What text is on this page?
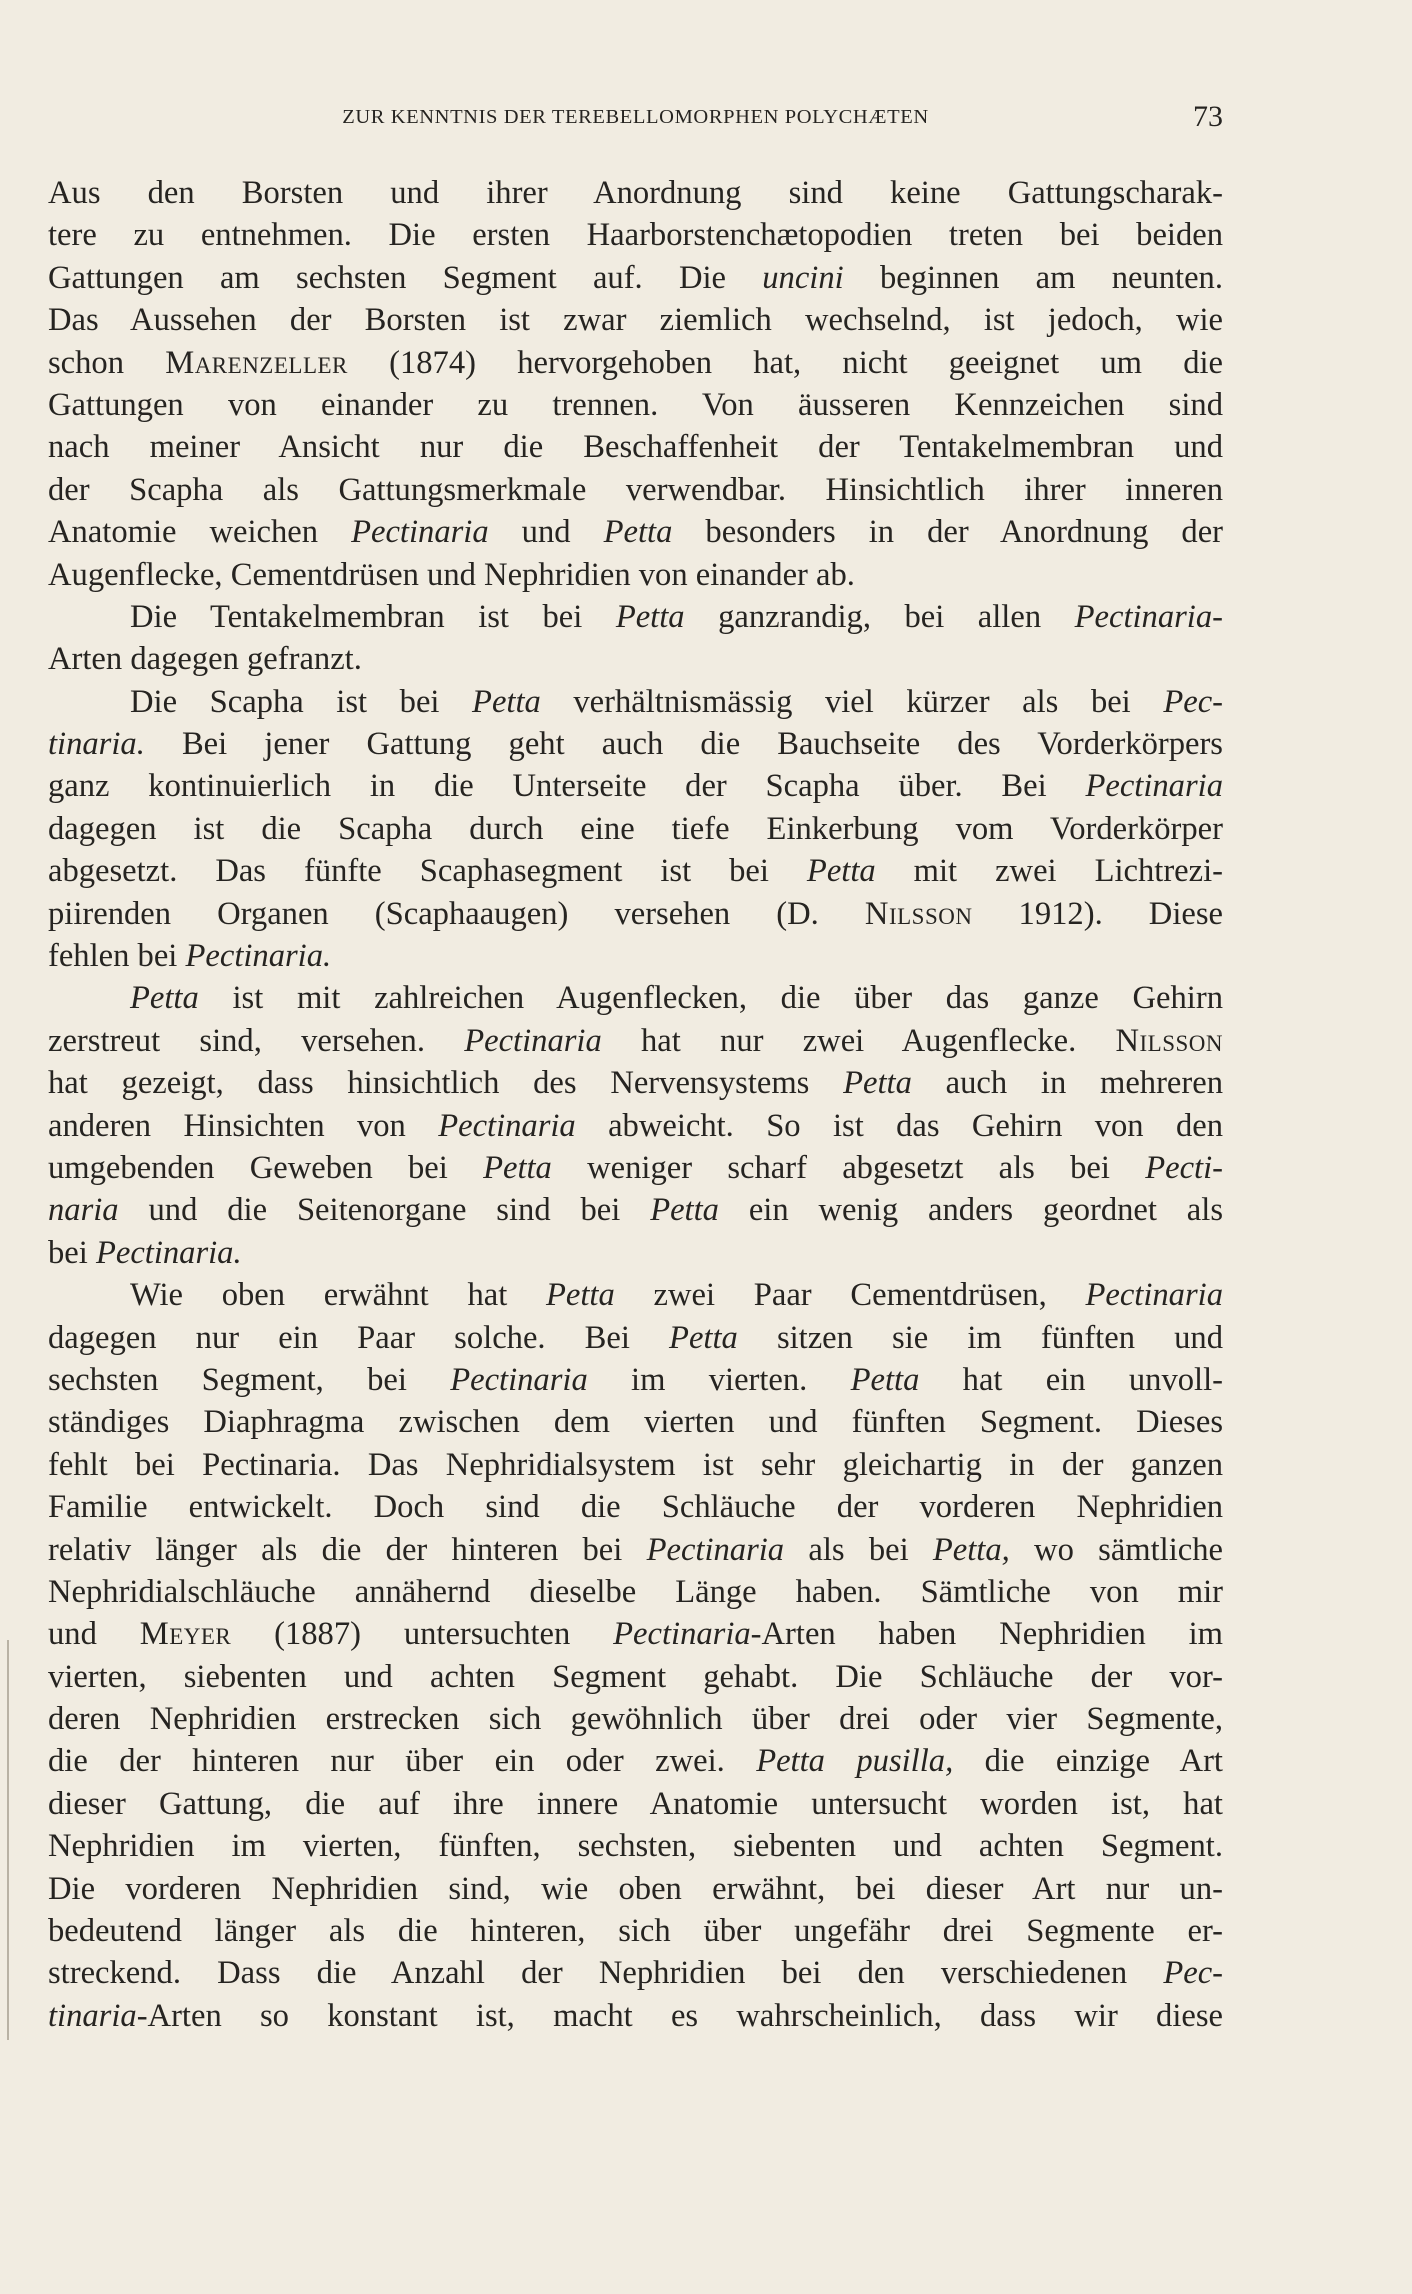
ZUR KENNTNIS DER TEREBELLOMORPHEN POLYCHÆTEN	73
Aus den Borsten und ihrer Anordnung sind keine Gattungscharak-
tere zu entnehmen. Die ersten Haarborstenchætopodien treten bei beiden
Gattungen am sechsten Segment auf. Die uncini beginnen am neunten.
Das Aussehen der Borsten ist zwar ziemlich wechselnd, ist jedoch, wie
schon Marenzeller (1874) hervorgehoben hat, nicht geeignet um die
Gattungen von einander zu trennen. Von äusseren Kennzeichen sind
nach meiner Ansicht nur die Beschaffenheit der Tentakelmembran und
der Scapha als Gattungsmerkmale verwendbar. Hinsichtlich ihrer inneren
Anatomie weichen Pectinaria und Petta besonders in der Anordnung der
Augenflecke, Cementdrüsen und Nephridien von einander ab.
Die Tentakelmembran ist bei Petta ganzrandig, bei allen Pectinaria-
Arten dagegen gefranzt.
Die Scapha ist bei Petta verhältnismässig viel kürzer als bei Pec-
tinaria. Bei jener Gattung geht auch die Bauchseite des Vorderkörpers
ganz kontinuierlich in die Unterseite der Scapha über. Bei Pectinaria
dagegen ist die Scapha durch eine tiefe Einkerbung vom Vorderkörper
abgesetzt. Das fünfte Scaphasegment ist bei Petta mit zwei Lichtrezi-
piirenden Organen (Scaphaaugen) versehen (D. Nilsson 1912). Diese
fehlen bei Pectinaria.
Petta ist mit zahlreichen Augenflecken, die über das ganze Gehirn
zerstreut sind, versehen. Pectinaria hat nur zwei Augenflecke. Nilsson
hat gezeigt, dass hinsichtlich des Nervensystems Petta auch in mehreren
anderen Hinsichten von Pectinaria abweicht. So ist das Gehirn von den
umgebenden Geweben bei Petta weniger scharf abgesetzt als bei Pecti-
naria und die Seitenorgane sind bei Petta ein wenig anders geordnet als
bei Pectinaria.
Wie oben erwähnt hat Petta zwei Paar Cementdrüsen, Pectinaria
dagegen nur ein Paar solche. Bei Petta sitzen sie im fünften und
sechsten Segment, bei Pectinaria im vierten. Petta hat ein unvoll-
ständiges Diaphragma zwischen dem vierten und fünften Segment. Dieses
fehlt bei Pectinaria. Das Nephridialsystem ist sehr gleichartig in der ganzen
Familie entwickelt. Doch sind die Schläuche der vorderen Nephridien
relativ länger als die der hinteren bei Pectinaria als bei Petta, wo sämtliche
Nephridialschläuche annähernd dieselbe Länge haben. Sämtliche von mir
und Meyer (1887) untersuchten Pectinaria-Arten haben Nephridien im
vierten, siebenten und achten Segment gehabt. Die Schläuche der vor-
deren Nephridien erstrecken sich gewöhnlich über drei oder vier Segmente,
die der hinteren nur über ein oder zwei. Petta pusilla, die einzige Art
dieser Gattung, die auf ihre innere Anatomie untersucht worden ist, hat
Nephridien im vierten, fünften, sechsten, siebenten und achten Segment.
Die vorderen Nephridien sind, wie oben erwähnt, bei dieser Art nur un-
bedeutend länger als die hinteren, sich über ungefähr drei Segmente er-
streckend. Dass die Anzahl der Nephridien bei den verschiedenen Pec-
tinaria-Arten so konstant ist, macht es wahrscheinlich, dass wir diese
